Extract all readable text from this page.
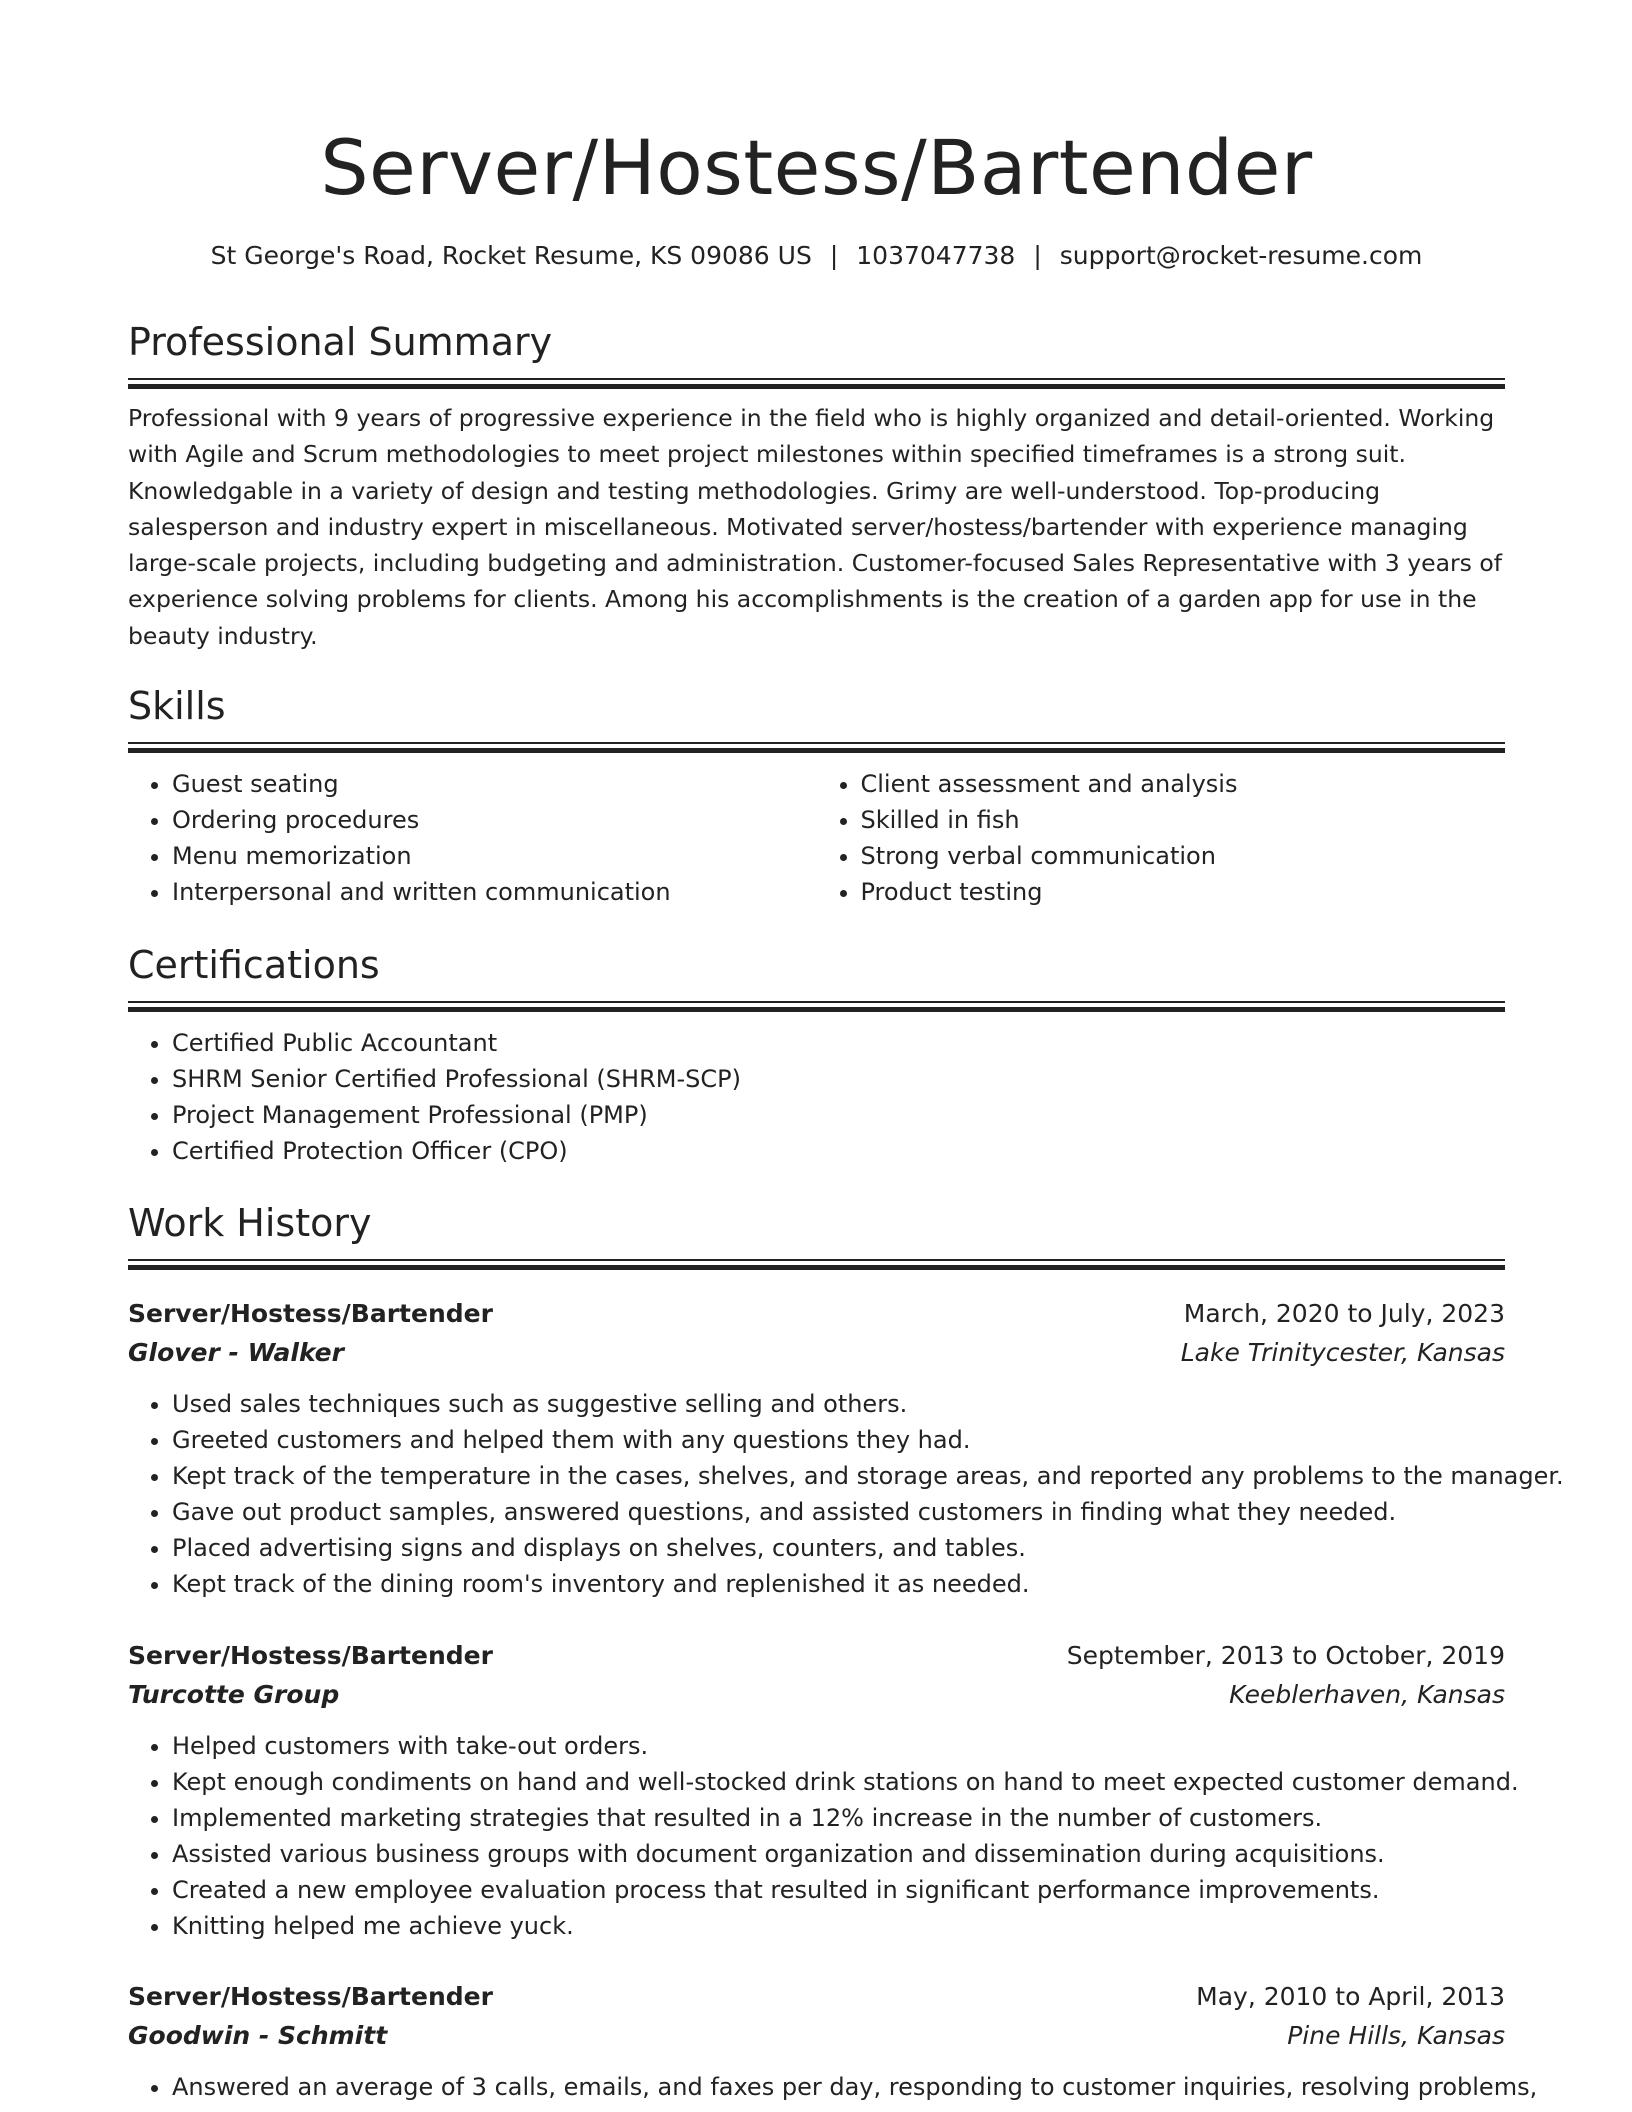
Server/Hostess/Bartender
St George's Road, Rocket Resume, KS 09086 US | 1037047738 | support@rocket-resume.com
Professional Summary

Professional with 9 years of progressive experience in the field who is highly organized and detail-oriented. Working with Agile and Scrum methodologies to meet project milestones within specified timeframes is a strong suit. Knowledgable in a variety of design and testing methodologies. Grimy are well-understood. Top-producing salesperson and industry expert in miscellaneous. Motivated server/hostess/bartender with experience managing large-scale projects, including budgeting and administration. Customer-focused Sales Representative with 3 years of experience solving problems for clients. Among his accomplishments is the creation of a garden app for use in the beauty industry.

Skills
• Guest seating
• Ordering procedures
• Menu memorization
• Interpersonal and written communication
• Client assessment and analysis
• Skilled in fish
• Strong verbal communication
• Product testing
Certifications
• Certified Public Accountant
• SHRM Senior Certified Professional (SHRM-SCP)
• Project Management Professional (PMP)
• Certified Protection Officer (CPO)
Work History
Server/Hostess/Bartender	March, 2020 to July, 2023
Glover - Walker	Lake Trinitycester, Kansas
• Used sales techniques such as suggestive selling and others.
• Greeted customers and helped them with any questions they had.
• Kept track of the temperature in the cases, shelves, and storage areas, and reported any problems to the manager.
• Gave out product samples, answered questions, and assisted customers in finding what they needed.
• Placed advertising signs and displays on shelves, counters, and tables.
• Kept track of the dining room's inventory and replenished it as needed.
Server/Hostess/Bartender	September, 2013 to October, 2019
Turcotte Group	Keeblerhaven, Kansas
• Helped customers with take-out orders.
• Kept enough condiments on hand and well-stocked drink stations on hand to meet expected customer demand.
• Implemented marketing strategies that resulted in a 12% increase in the number of customers.
• Assisted various business groups with document organization and dissemination during acquisitions.
• Created a new employee evaluation process that resulted in significant performance improvements.
• Knitting helped me achieve yuck.
Server/Hostess/Bartender	May, 2010 to April, 2013
Goodwin - Schmitt	Pine Hills, Kansas
• Answered an average of 3 calls, emails, and faxes per day, responding to customer inquiries, resolving problems,
